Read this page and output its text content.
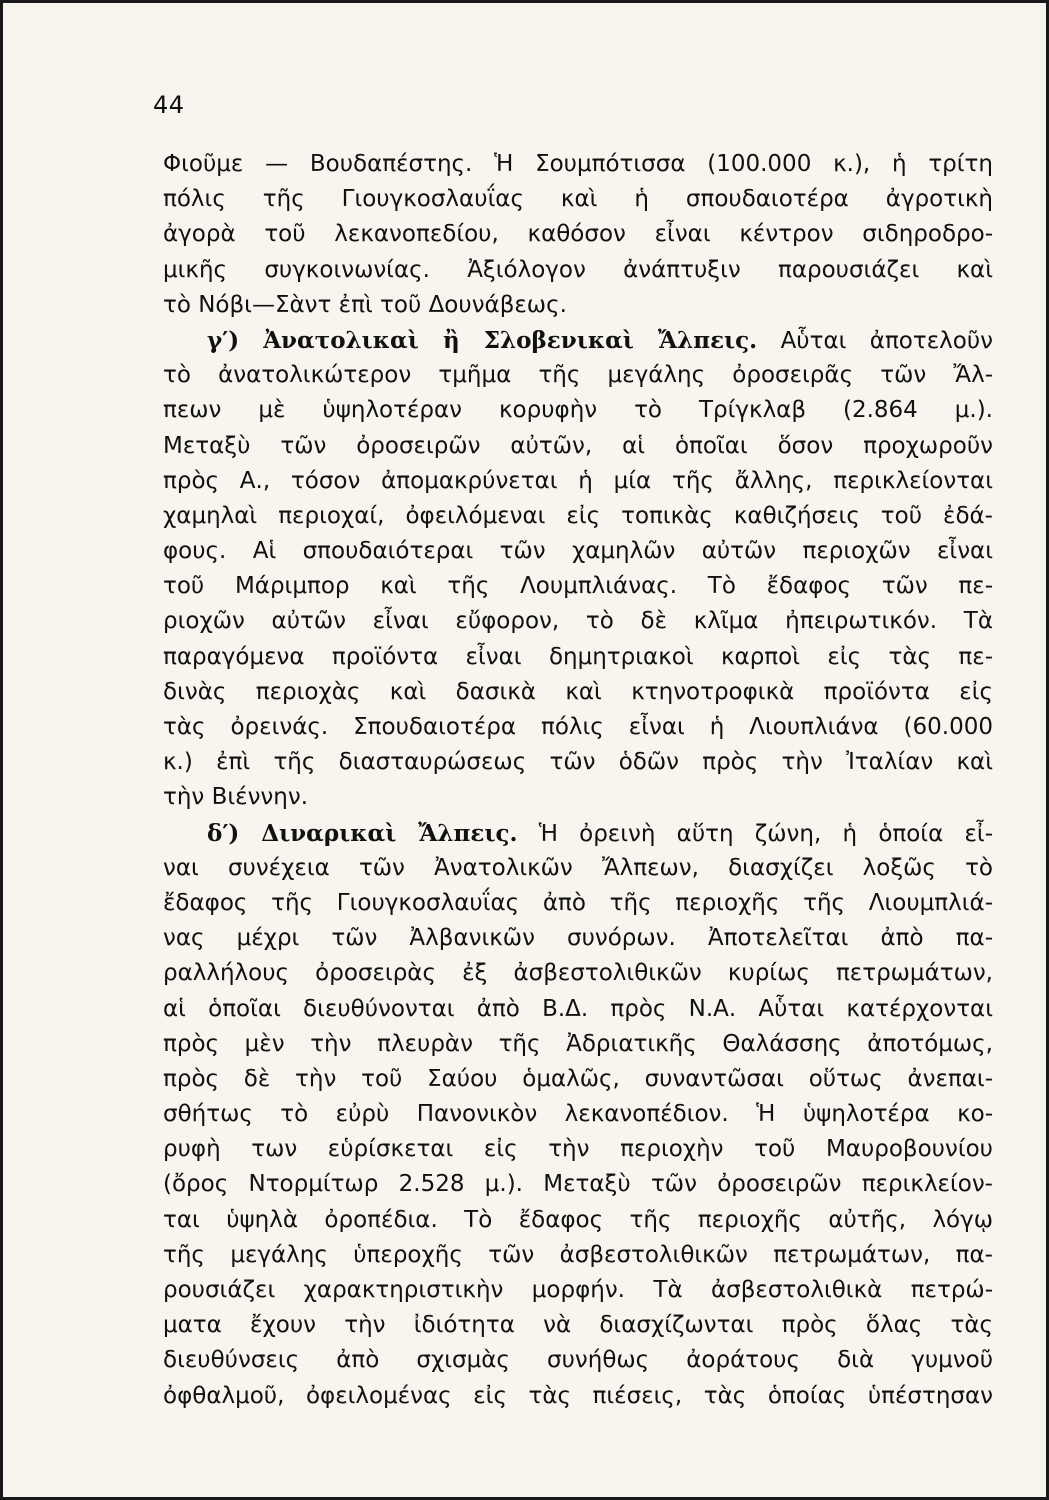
44
Φιοῦμε — Βουδαπέστης. Ἡ Σουμπότισσα (100.000 κ.), ἡ τρίτη
πόλις τῆς Γιουγκοσλαυΐας καὶ ἡ σπουδαιοτέρα ἀγροτικὴ
ἀγορὰ τοῦ λεκανοπεδίου, καθόσον εἶναι κέντρον σιδηροδρο-
μικῆς συγκοινωνίας. Ἀξιόλογον ἀνάπτυξιν παρουσιάζει καὶ
τὸ Νόβι—Σὰντ ἐπὶ τοῦ Δουνάβεως.
γ′) Ἀνατολικαὶ ἢ Σλοβενικαὶ Ἄλπεις. Αὗται ἀποτελοῦν
τὸ ἀνατολικώτερον τμῆμα τῆς μεγάλης ὀροσειρᾶς τῶν Ἄλ-
πεων μὲ ὑψηλοτέραν κορυφὴν τὸ Τρίγκλαβ (2.864 μ.).
Μεταξὺ τῶν ὀροσειρῶν αὐτῶν, αἱ ὁποῖαι ὅσον προχωροῦν
πρὸς Α., τόσον ἀπομακρύνεται ἡ μία τῆς ἄλλης, περικλείονται
χαμηλαὶ περιοχαί, ὀφειλόμεναι εἰς τοπικὰς καθιζήσεις τοῦ ἐδά-
φους. Αἱ σπουδαιότεραι τῶν χαμηλῶν αὐτῶν περιοχῶν εἶναι
τοῦ Μάριμπορ καὶ τῆς Λουμπλιάνας. Τὸ ἔδαφος τῶν πε-
ριοχῶν αὐτῶν εἶναι εὔφορον, τὸ δὲ κλῖμα ἠπειρωτικόν. Τὰ
παραγόμενα προϊόντα εἶναι δημητριακοὶ καρποὶ εἰς τὰς πε-
δινὰς περιοχὰς καὶ δασικὰ καὶ κτηνοτροφικὰ προϊόντα εἰς
τὰς ὀρεινάς. Σπουδαιοτέρα πόλις εἶναι ἡ Λιουπλιάνα (60.000
κ.) ἐπὶ τῆς διασταυρώσεως τῶν ὁδῶν πρὸς τὴν Ἰταλίαν καὶ
τὴν Βιέννην.
δ′) Διναρικαὶ Ἄλπεις. Ἡ ὀρεινὴ αὕτη ζώνη, ἡ ὁποία εἶ-
ναι συνέχεια τῶν Ἀνατολικῶν Ἄλπεων, διασχίζει λοξῶς τὸ
ἔδαφος τῆς Γιουγκοσλαυΐας ἀπὸ τῆς περιοχῆς τῆς Λιουμπλιά-
νας μέχρι τῶν Ἀλβανικῶν συνόρων. Ἀποτελεῖται ἀπὸ πα-
ραλλήλους ὀροσειρὰς ἐξ ἀσβεστολιθικῶν κυρίως πετρωμάτων,
αἱ ὁποῖαι διευθύνονται ἀπὸ Β.Δ. πρὸς Ν.Α. Αὗται κατέρχονται
πρὸς μὲν τὴν πλευρὰν τῆς Ἀδριατικῆς Θαλάσσης ἀποτόμως,
πρὸς δὲ τὴν τοῦ Σαύου ὁμαλῶς, συναντῶσαι οὕτως ἀνεπαι-
σθήτως τὸ εὐρὺ Πανονικὸν λεκανοπέδιον. Ἡ ὑψηλοτέρα κο-
ρυφὴ των εὑρίσκεται εἰς τὴν περιοχὴν τοῦ Μαυροβουνίου
(ὄρος Ντορμίτωρ 2.528 μ.). Μεταξὺ τῶν ὀροσειρῶν περικλείον-
ται ὑψηλὰ ὀροπέδια. Τὸ ἔδαφος τῆς περιοχῆς αὐτῆς, λόγῳ
τῆς μεγάλης ὑπεροχῆς τῶν ἀσβεστολιθικῶν πετρωμάτων, πα-
ρουσιάζει χαρακτηριστικὴν μορφήν. Τὰ ἀσβεστολιθικὰ πετρώ-
ματα ἔχουν τὴν ἰδιότητα νὰ διασχίζωνται πρὸς ὅλας τὰς
διευθύνσεις ἀπὸ σχισμὰς συνήθως ἀοράτους διὰ γυμνοῦ
ὀφθαλμοῦ, ὀφειλομένας εἰς τὰς πιέσεις, τὰς ὁποίας ὑπέστησαν
